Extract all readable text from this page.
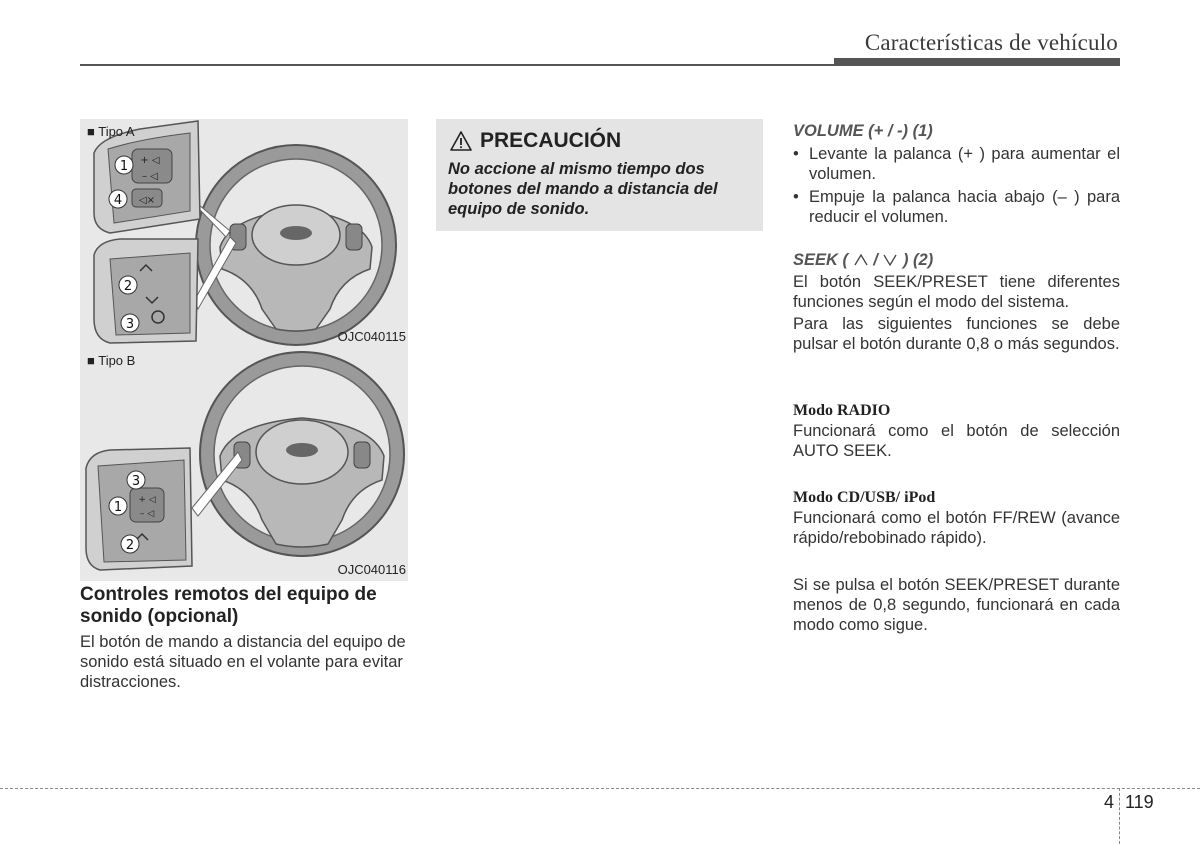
Características de vehículo
+ ◁
– ◁
◁×
1
4
2
3
■ Tipo A
OJC040115
+ ◁
– ◁
3
1
2
■ Tipo B
OJC040116
Controles remotos del equipo de sonido (opcional)
El botón de mando a distancia del equipo de sonido está situado en el volante para evitar distracciones.
PRECAUCIÓN
No accione al mismo tiempo dos botones del mando a distancia del equipo de sonido.
VOLUME (+ / -) (1)
• Levante la palanca (+ ) para aumentar el volumen.
• Empuje la palanca hacia abajo (– ) para reducir el volumen.
SEEK (  /  ) (2)
El botón SEEK/PRESET tiene diferentes funciones según el modo del sistema.
Para las siguientes funciones se debe pulsar el botón durante 0,8 o más segundos.
Modo RADIO
Funcionará como el botón de selección AUTO SEEK.
Modo CD/USB/ iPod
Funcionará como el botón FF/REW (avance rápido/rebobinado rápido).
Si se pulsa el botón SEEK/PRESET durante menos de 0,8 segundo, funcionará en cada modo como sigue.
4 119
